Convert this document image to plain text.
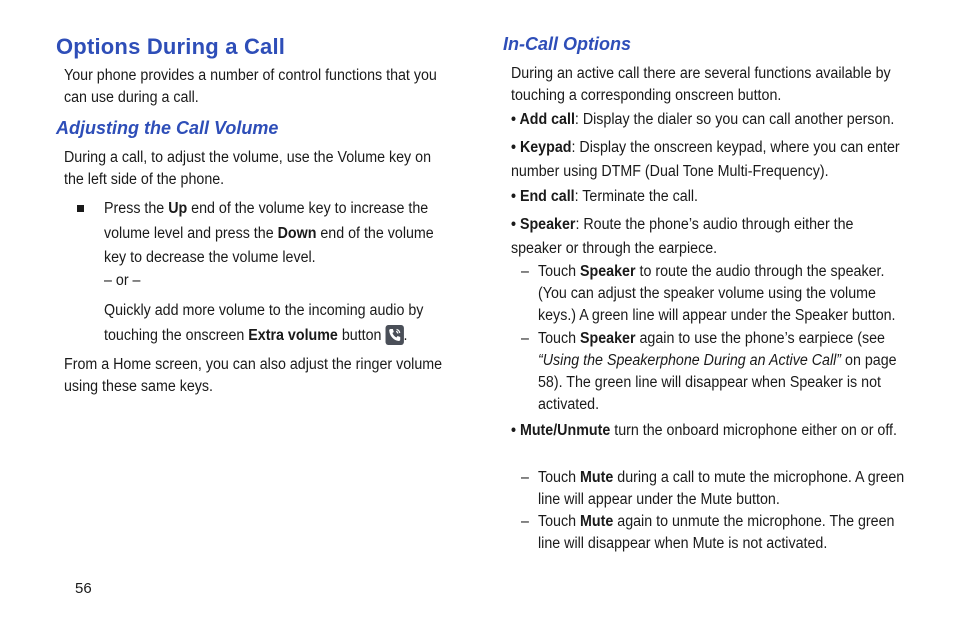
Options During a Call
Your phone provides a number of control functions that you can use during a call.
Adjusting the Call Volume
During a call, to adjust the volume, use the Volume key on the left side of the phone.
Press the Up end of the volume key to increase the volume level and press the Down end of the volume key to decrease the volume level.
– or –
Quickly add more volume to the incoming audio by touching the onscreen Extra volume button .
From a Home screen, you can also adjust the ringer volume using these same keys.
In-Call Options
During an active call there are several functions available by touching a corresponding onscreen button.
• Add call: Display the dialer so you can call another person.
• Keypad: Display the onscreen keypad, where you can enter number using DTMF (Dual Tone Multi-Frequency).
• End call: Terminate the call.
• Speaker: Route the phone’s audio through either the speaker or through the earpiece.
– Touch Speaker to route the audio through the speaker. (You can adjust the speaker volume using the volume keys.) A green line will appear under the Speaker button.
– Touch Speaker again to use the phone’s earpiece (see “Using the Speakerphone During an Active Call” on page 58). The green line will disappear when Speaker is not activated.
• Mute/Unmute turn the onboard microphone either on or off.
– Touch Mute during a call to mute the microphone. A green line will appear under the Mute button.
– Touch Mute again to unmute the microphone. The green line will disappear when Mute is not activated.
56
